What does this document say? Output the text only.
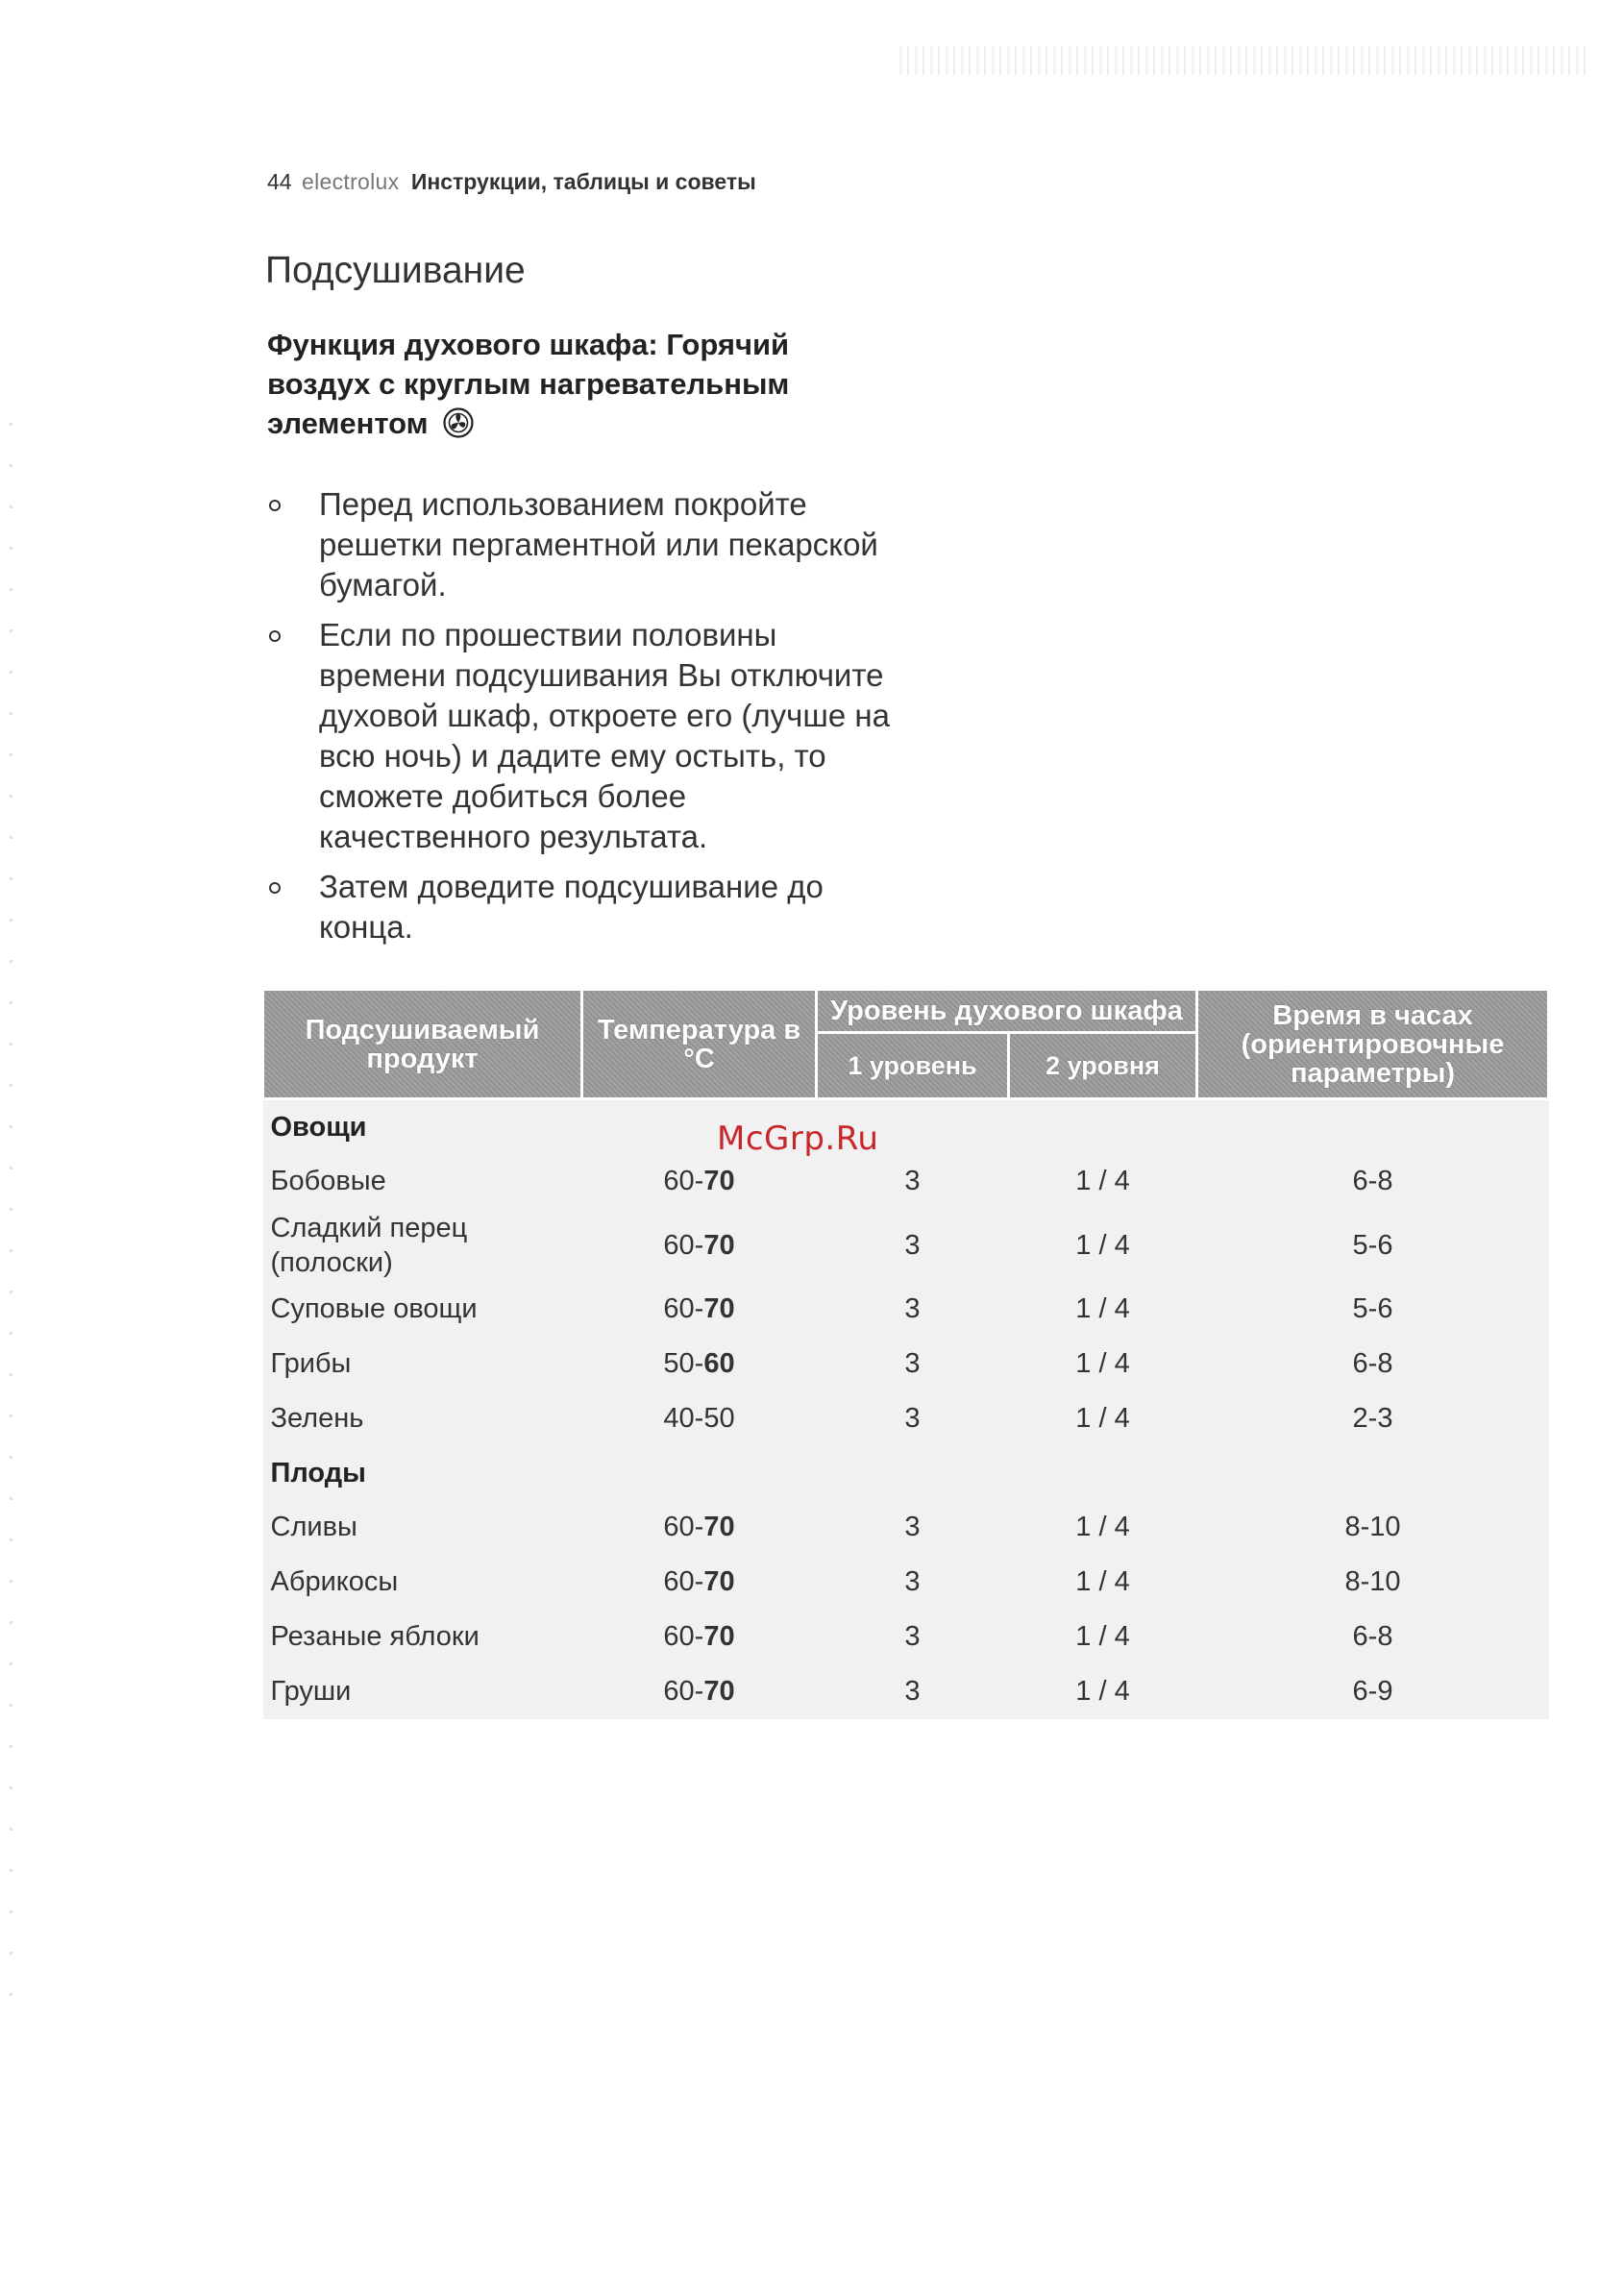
44 electrolux Инструкции, таблицы и советы
Подсушивание
Функция духового шкафа: Горячий воздух с круглым нагревательным элементом
Перед использованием покройте решетки пергаментной или пекарской бумагой.
Если по прошествии половины времени подсушивания Вы отключите духовой шкаф, откроете его (лучше на всю ночь) и дадите ему остыть, то сможете добиться более качественного результата.
Затем доведите подсушивание до конца.
Подсушиваемый продукт	Температура в °C	Уровень духового шкафа		Время в часах (ориентировочные параметры)
		1 уровень	2 уровня	
Овощи				
Бобовые	60-70	3	1 / 4	6-8
Сладкий перец (полоски)	60-70	3	1 / 4	5-6
Суповые овощи	60-70	3	1 / 4	5-6
Грибы	50-60	3	1 / 4	6-8
Зелень	40-50	3	1 / 4	2-3
Плоды				
Сливы	60-70	3	1 / 4	8-10
Абрикосы	60-70	3	1 / 4	8-10
Резаные яблоки	60-70	3	1 / 4	6-8
Груши	60-70	3	1 / 4	6-9
McGrp.Ru
